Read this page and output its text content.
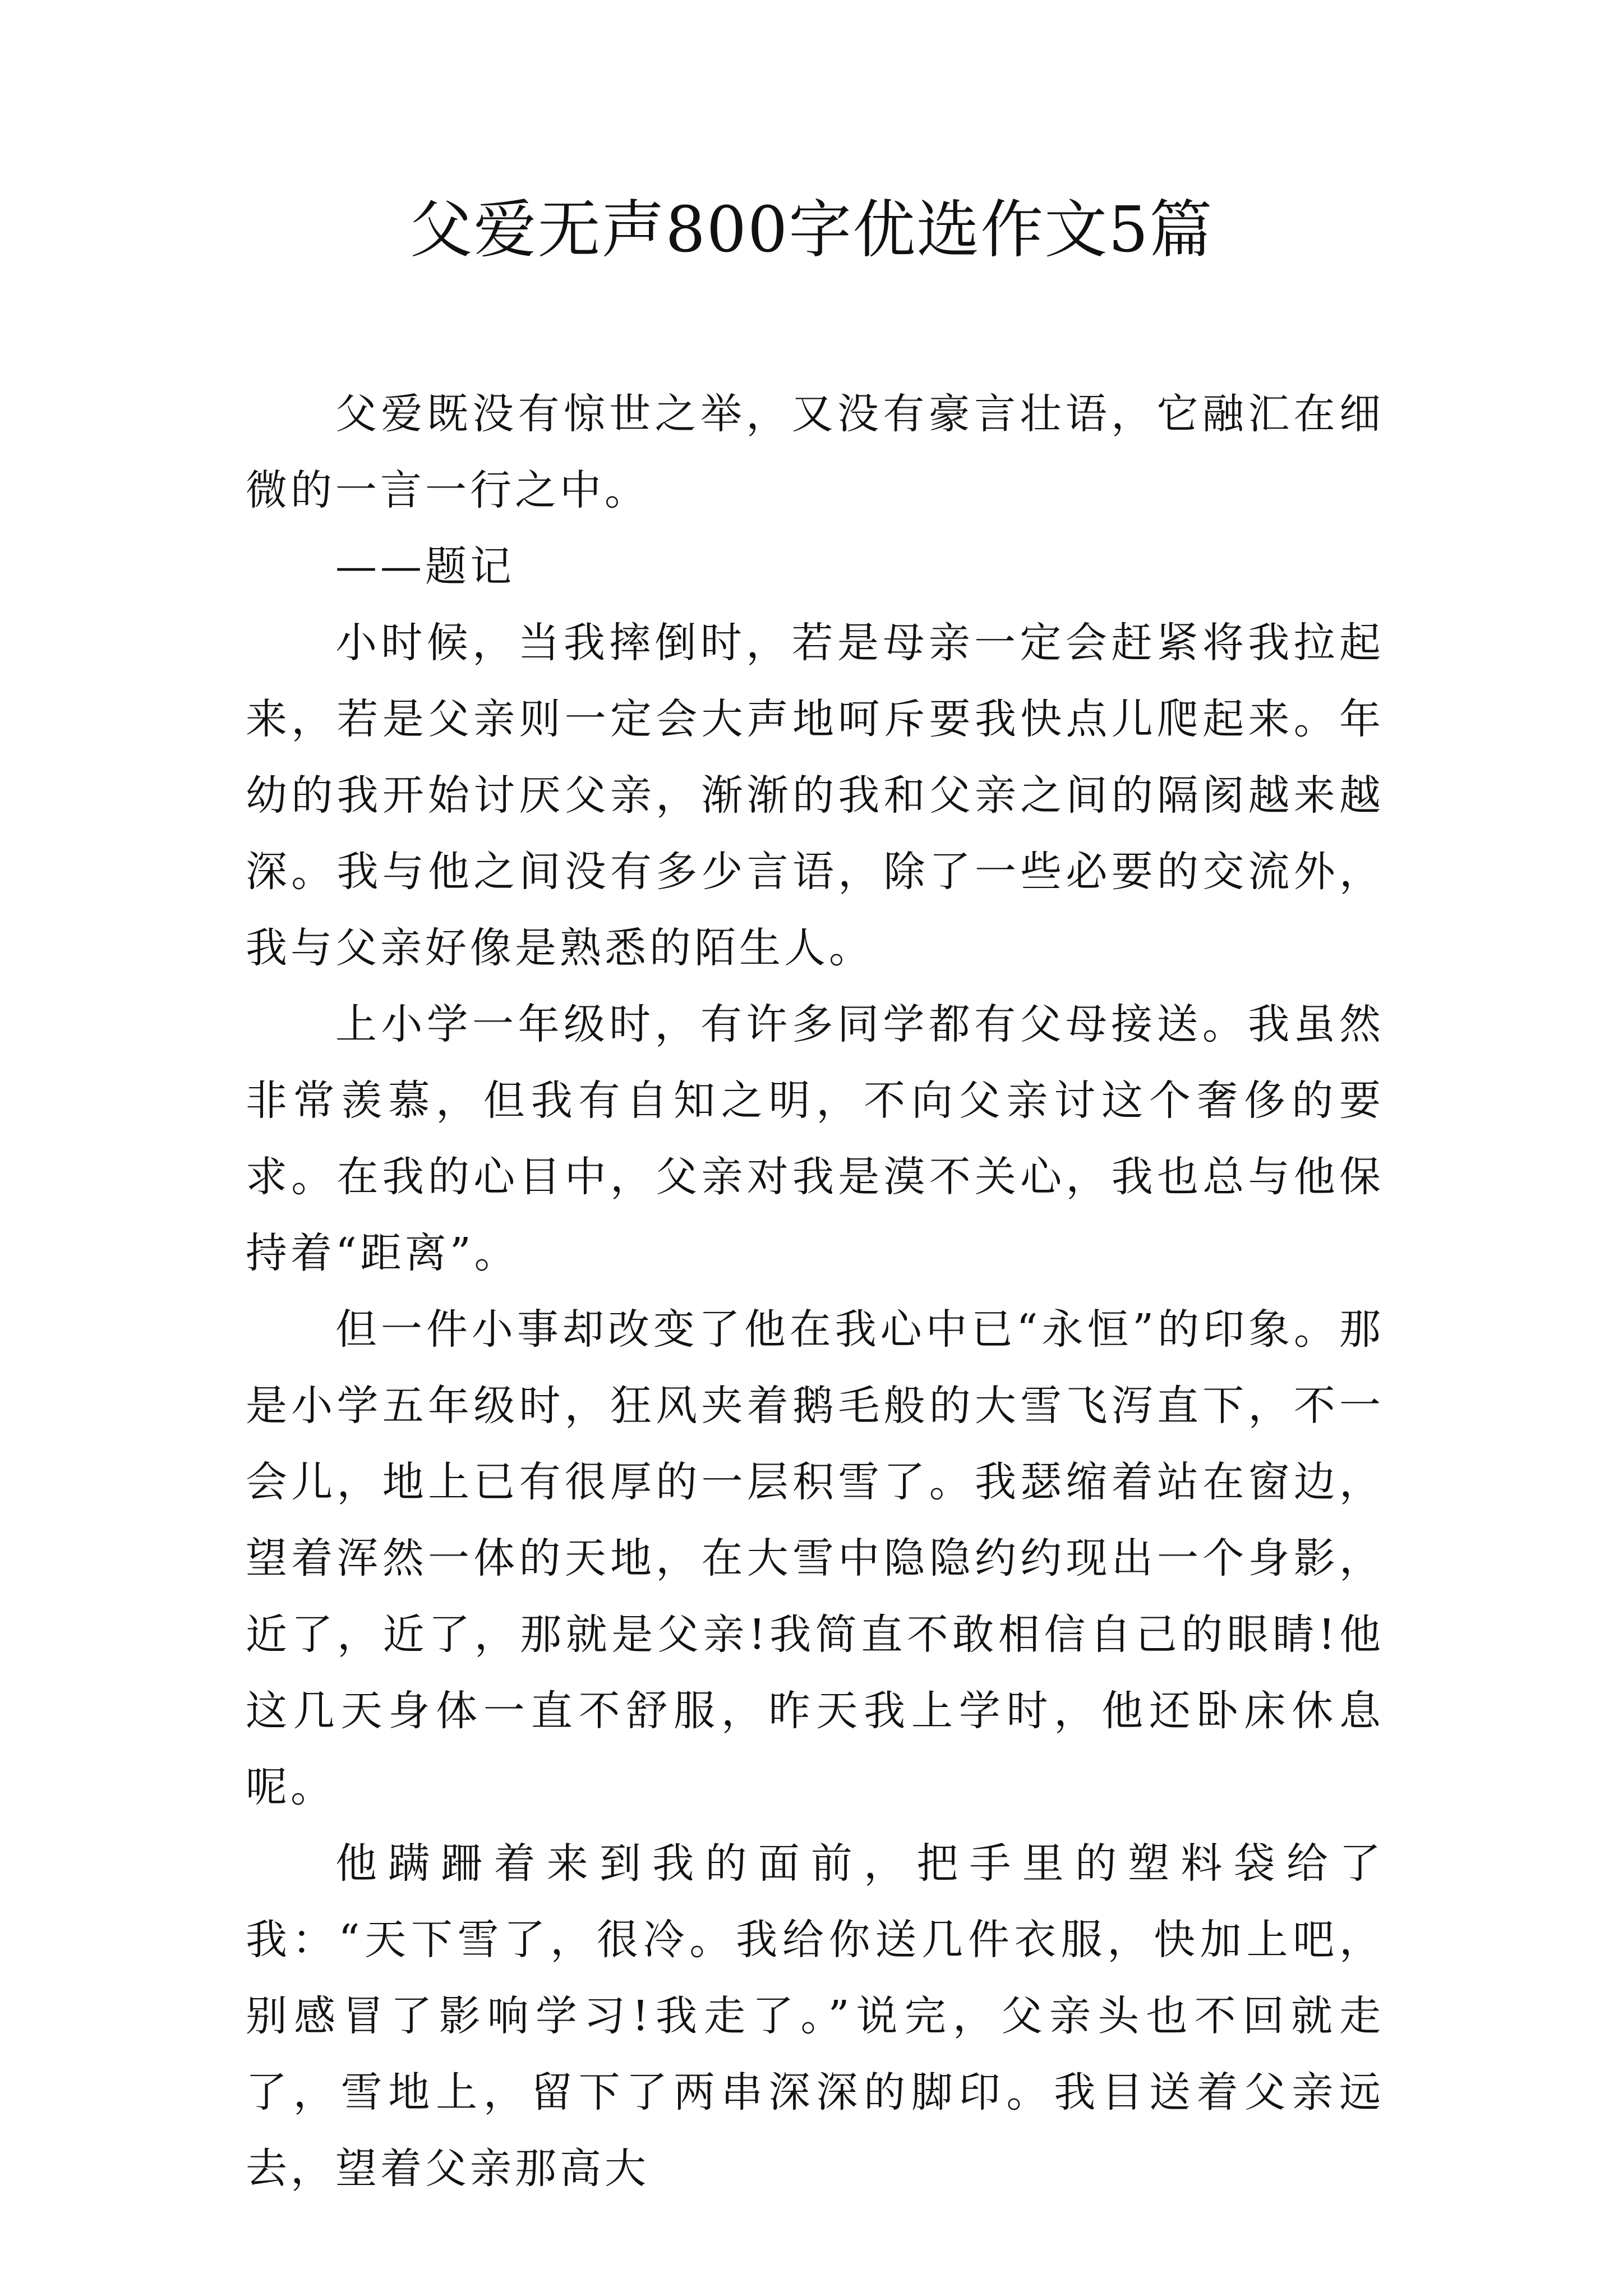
父爱无声800字优选作文5篇

父爱既没有惊世之举，又没有豪言壮语，它融汇在细微的一言一行之中。

——题记

小时候，当我摔倒时，若是母亲一定会赶紧将我拉起来，若是父亲则一定会大声地呵斥要我快点儿爬起来。年幼的我开始讨厌父亲，渐渐的我和父亲之间的隔阂越来越深。我与他之间没有多少言语，除了一些必要的交流外，我与父亲好像是熟悉的陌生人。

上小学一年级时，有许多同学都有父母接送。我虽然非常羡慕，但我有自知之明，不向父亲讨这个奢侈的要求。在我的心目中，父亲对我是漠不关心，我也总与他保持着“距离”。

但一件小事却改变了他在我心中已“永恒”的印象。那是小学五年级时，狂风夹着鹅毛般的大雪飞泻直下，不一会儿，地上已有很厚的一层积雪了。我瑟缩着站在窗边，望着浑然一体的天地，在大雪中隐隐约约现出一个身影，近了，近了，那就是父亲!我简直不敢相信自己的眼睛!他这几天身体一直不舒服，昨天我上学时，他还卧床休息呢。

他蹒跚着来到我的面前，把手里的塑料袋给了我：“天下雪了，很冷。我给你送几件衣服，快加上吧，别感冒了影响学习!我走了。”说完，父亲头也不回就走了，雪地上，留下了两串深深的脚印。我目送着父亲远去，望着父亲那高大
